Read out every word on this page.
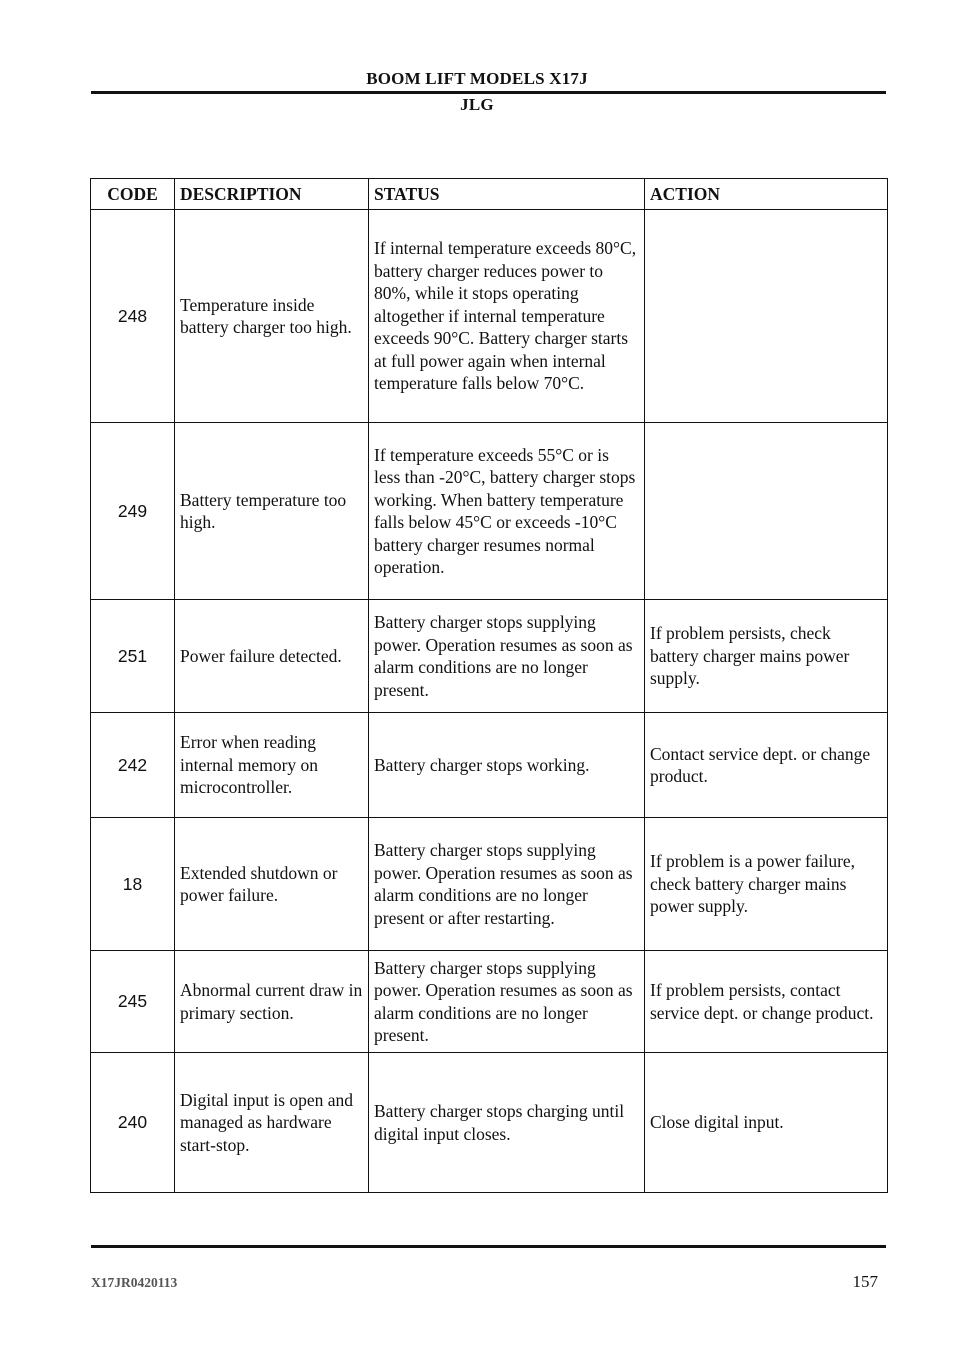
BOOM LIFT MODELS X17J
JLG
CODE	DESCRIPTION	STATUS	ACTION
248	Temperature inside battery charger too high.	If internal temperature exceeds 80°C, battery charger reduces power to 80%, while it stops operating altogether if internal temperature exceeds 90°C. Battery charger starts at full power again when internal temperature falls below 70°C.	
249	Battery temperature too high.	If temperature exceeds 55°C or is less than -20°C, battery charger stops working. When battery temperature falls below 45°C or exceeds -10°C battery charger resumes normal operation.	
251	Power failure detected.	Battery charger stops supplying power. Operation resumes as soon as alarm conditions are no longer present.	If problem persists, check battery charger mains power supply.
242	Error when reading internal memory on microcontroller.	Battery charger stops working.	Contact service dept. or change product.
18	Extended shutdown or power failure.	Battery charger stops supplying power. Operation resumes as soon as alarm conditions are no longer present or after restarting.	If problem is a power failure, check battery charger mains power supply.
245	Abnormal current draw in primary section.	Battery charger stops supplying power. Operation resumes as soon as alarm conditions are no longer present.	If problem persists, contact service dept. or change product.
240	Digital input is open and managed as hardware start-stop.	Battery charger stops charging until digital input closes.	Close digital input.
X17JR0420113	157
